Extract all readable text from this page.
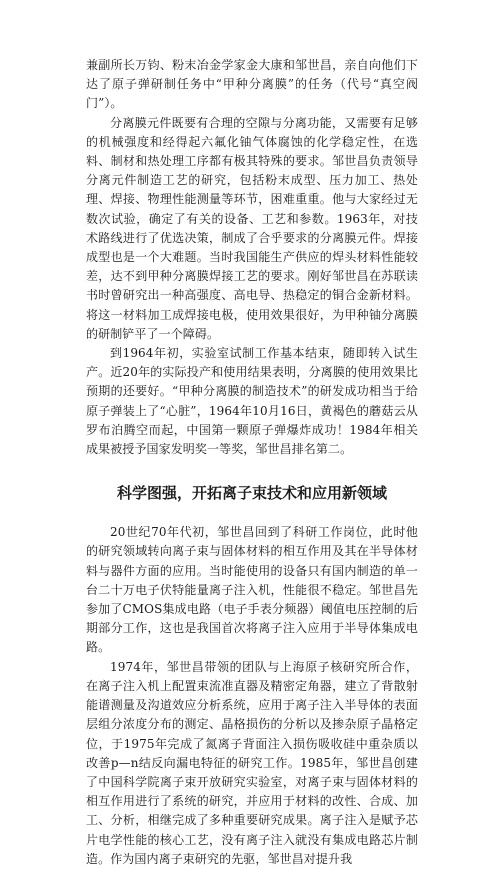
兼副所长万钧、粉末冶金学家金大康和邹世昌，亲自向他们下达了原子弹研制任务中“甲种分离膜”的任务（代号“真空阀门”）。

分离膜元件既要有合理的空隙与分离功能，又需要有足够的机械强度和经得起六氟化铀气体腐蚀的化学稳定性，在选料、制材和热处理工序都有极其特殊的要求。邹世昌负责领导分离元件制造工艺的研究，包括粉末成型、压力加工、热处理、焊接、物理性能测量等环节，困难重重。他与大家经过无数次试验，确定了有关的设备、工艺和参数。1963年，对技术路线进行了优选决策，制成了合乎要求的分离膜元件。焊接成型也是一个大难题。当时我国能生产供应的焊头材料性能较差，达不到甲种分离膜焊接工艺的要求。刚好邹世昌在苏联读书时曾研究出一种高强度、高电导、热稳定的铜合金新材料。将这一材料加工成焊接电极，使用效果很好，为甲种铀分离膜的研制铲平了一个障碍。

到1964年初，实验室试制工作基本结束，随即转入试生产。近20年的实际投产和使用结果表明，分离膜的使用效果比预期的还要好。“甲种分离膜的制造技术”的研发成功相当于给原子弹装上了“心脏”，1964年10月16日，黄褐色的蘑菇云从罗布泊腾空而起，中国第一颗原子弹爆炸成功！1984年相关成果被授予国家发明奖一等奖，邹世昌排名第二。

科学图强，开拓离子束技术和应用新领域

20世纪70年代初，邹世昌回到了科研工作岗位，此时他的研究领域转向离子束与固体材料的相互作用及其在半导体材料与器件方面的应用。当时能使用的设备只有国内制造的单一台二十万电子伏特能量离子注入机，性能很不稳定。邹世昌先参加了CMOS集成电路（电子手表分频器）阈值电压控制的后期部分工作，这也是我国首次将离子注入应用于半导体集成电路。

1974年，邹世昌带领的团队与上海原子核研究所合作，在离子注入机上配置束流准直器及精密定角器，建立了背散射能谱测量及沟道效应分析系统，应用于离子注入半导体的表面层组分浓度分布的测定、晶格损伤的分析以及掺杂原子晶格定位，于1975年完成了氮离子背面注入损伤吸收硅中重杂质以改善p—n结反向漏电特征的研究工作。1985年，邹世昌创建了中国科学院离子束开放研究实验室，对离子束与固体材料的相互作用进行了系统的研究，并应用于材料的改性、合成、加工、分析，相继完成了多种重要研究成果。离子注入是赋予芯片电学性能的核心工艺，没有离子注入就没有集成电路芯片制造。作为国内离子束研究的先驱，邹世昌对提升我
